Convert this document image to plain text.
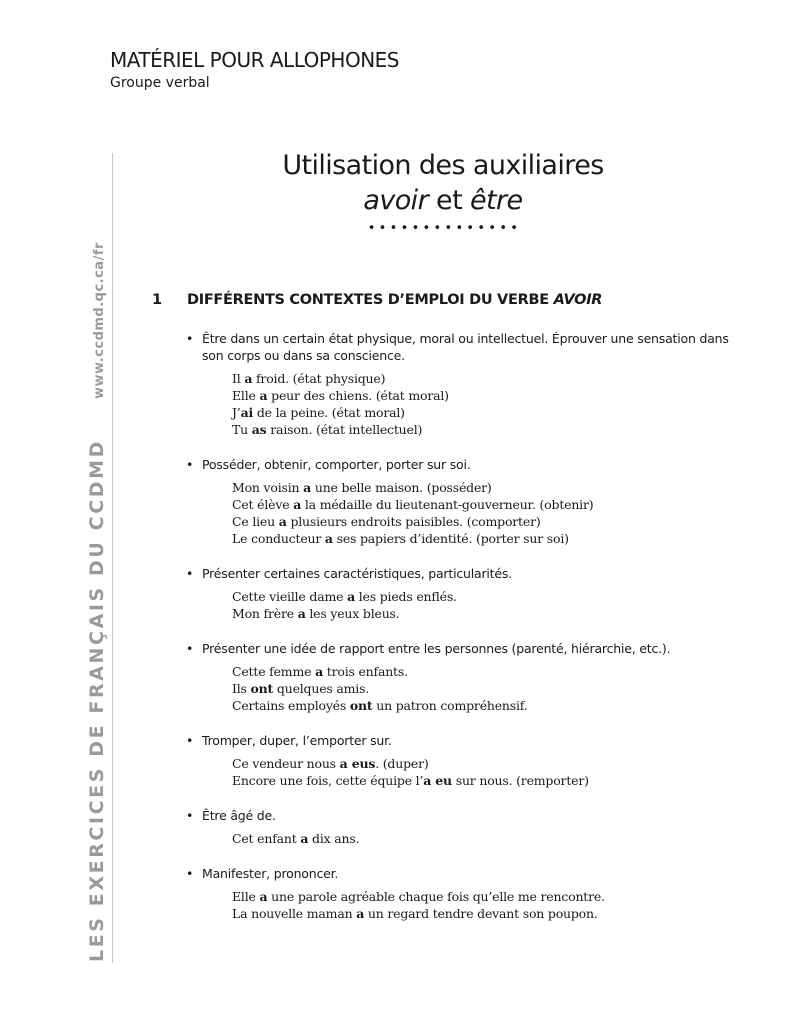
MATÉRIEL POUR ALLOPHONES
Groupe verbal
LES EXERCICES DE FRANÇAIS DU CCDMDwww.ccdmd.qc.ca/fr
Utilisation des auxiliaires
avoir et être
••••••••••••••
1 DIFFÉRENTS CONTEXTES D’EMPLOI DU VERBE AVOIR
• Être dans un certain état physique, moral ou intellectuel. Éprouver une sensation dans son corps ou dans sa conscience.
Il a froid. (état physique)
Elle a peur des chiens. (état moral)
J’ai de la peine. (état moral)
Tu as raison. (état intellectuel)
• Posséder, obtenir, comporter, porter sur soi.
Mon voisin a une belle maison. (posséder)
Cet élève a la médaille du lieutenant-gouverneur. (obtenir)
Ce lieu a plusieurs endroits paisibles. (comporter)
Le conducteur a ses papiers d’identité. (porter sur soi)
• Présenter certaines caractéristiques, particularités.
Cette vieille dame a les pieds enflés.
Mon frère a les yeux bleus.
• Présenter une idée de rapport entre les personnes (parenté, hiérarchie, etc.).
Cette femme a trois enfants.
Ils ont quelques amis.
Certains employés ont un patron compréhensif.
• Tromper, duper, l’emporter sur.
Ce vendeur nous a eus. (duper)
Encore une fois, cette équipe l’a eu sur nous. (remporter)
• Être âgé de.
Cet enfant a dix ans.
• Manifester, prononcer.
Elle a une parole agréable chaque fois qu’elle me rencontre.
La nouvelle maman a un regard tendre devant son poupon.
